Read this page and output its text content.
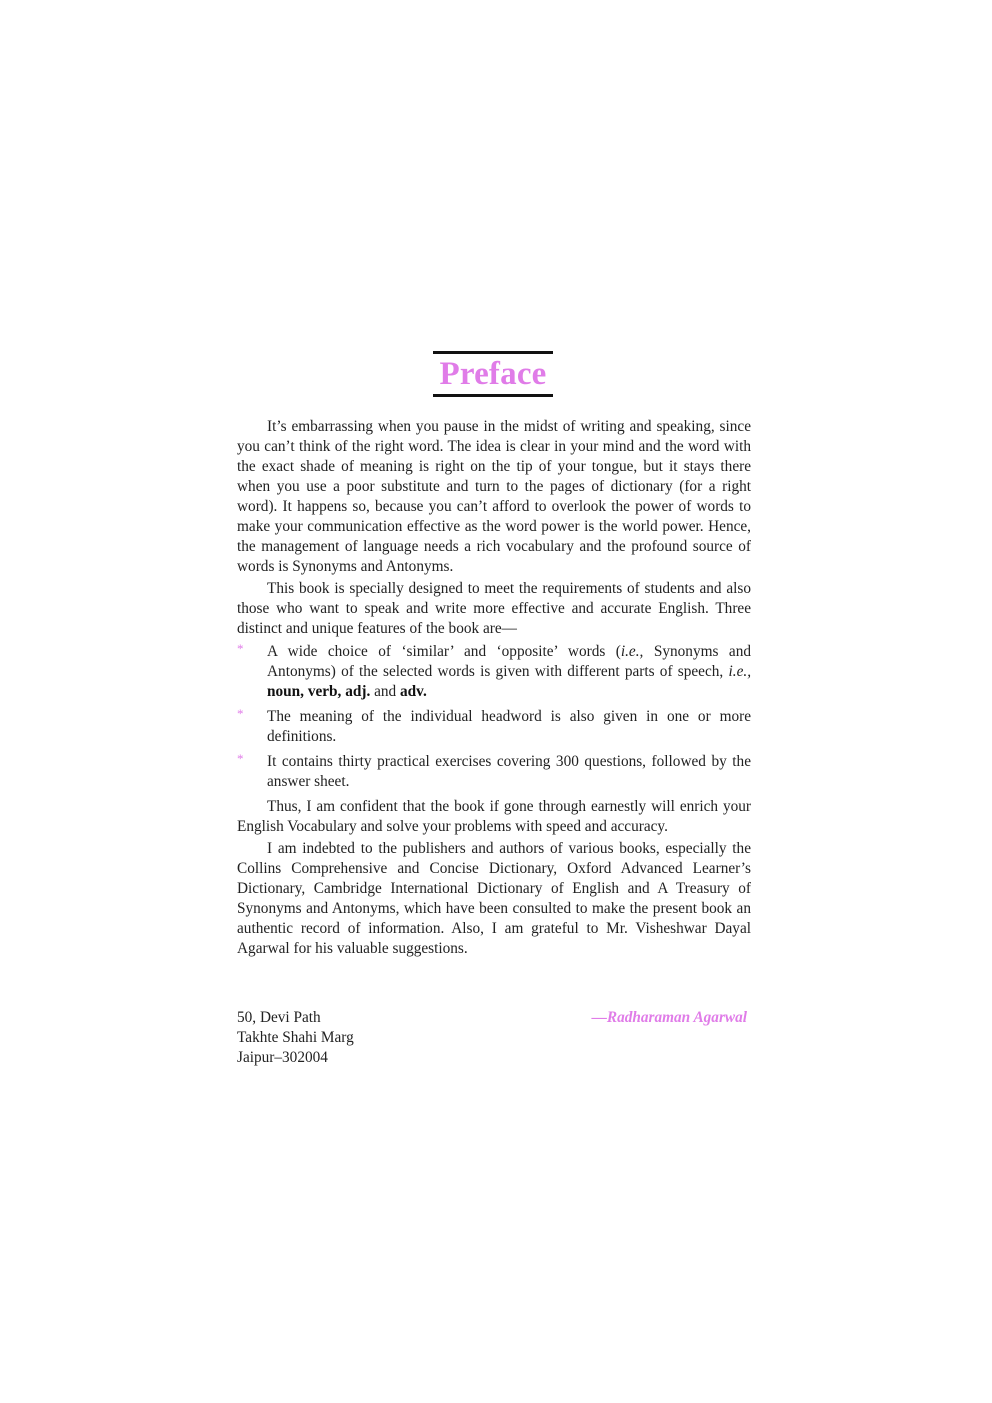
Preface

It’s embarrassing when you pause in the midst of writing and speaking, since you can’t think of the right word. The idea is clear in your mind and the word with the exact shade of meaning is right on the tip of your tongue, but it stays there when you use a poor substitute and turn to the pages of dictionary (for a right word). It happens so, because you can’t afford to overlook the power of words to make your communication effective as the word power is the world power. Hence, the management of language needs a rich vocabulary and the profound source of words is Synonyms and Antonyms.

This book is specially designed to meet the requirements of students and also those who want to speak and write more effective and accurate English. Three distinct and unique features of the book are—

* A wide choice of ‘similar’ and ‘opposite’ words (i.e., Synonyms and Antonyms) of the selected words is given with different parts of speech, i.e., noun, verb, adj. and adv.
* The meaning of the individual headword is also given in one or more definitions.
* It contains thirty practical exercises covering 300 questions, followed by the answer sheet.

Thus, I am confident that the book if gone through earnestly will enrich your English Vocabulary and solve your problems with speed and accuracy.

I am indebted to the publishers and authors of various books, especially the Collins Comprehensive and Concise Dictionary, Oxford Advanced Learner’s Dictionary, Cambridge International Dictionary of English and A Treasury of Synonyms and Antonyms, which have been consulted to make the present book an authentic record of information. Also, I am grateful to Mr. Visheshwar Dayal Agarwal for his valuable suggestions.

50, Devi Path
Takhte Shahi Marg
Jaipur–302004
—Radharaman Agarwal
